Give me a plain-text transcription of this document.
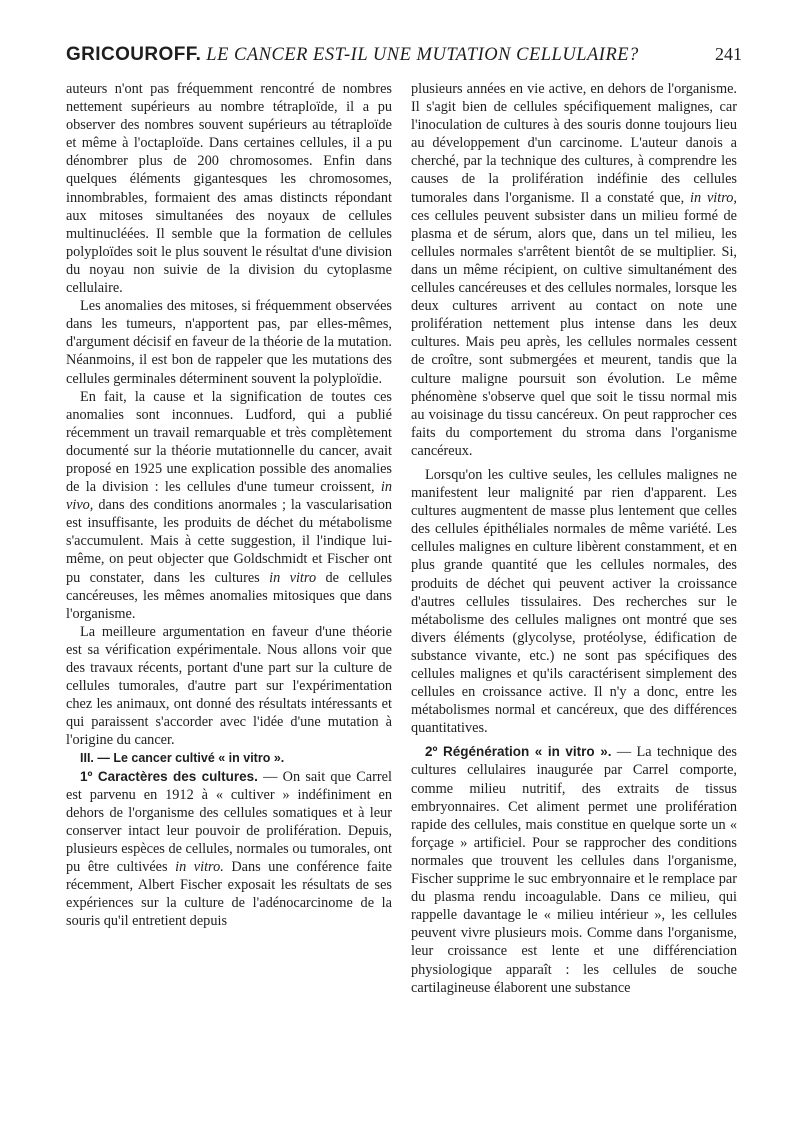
GRICOUROFF. LE CANCER EST-IL UNE MUTATION CELLULAIRE?	241

auteurs n'ont pas fréquemment rencontré de nombres nettement supérieurs au nombre tétraploïde, il a pu observer des nombres souvent supérieurs au tétraploïde et même à l'octaploïde. Dans certaines cellules, il a pu dénombrer plus de 200 chromosomes. Enfin dans quelques éléments gigantesques les chromosomes, innombrables, formaient des amas distincts répondant aux mitoses simultanées des noyaux de cellules multinucléées. Il semble que la formation de cellules polyploïdes soit le plus souvent le résultat d'une division du noyau non suivie de la division du cytoplasme cellulaire.

Les anomalies des mitoses, si fréquemment observées dans les tumeurs, n'apportent pas, par elles-mêmes, d'argument décisif en faveur de la théorie de la mutation. Néanmoins, il est bon de rappeler que les mutations des cellules germinales déterminent souvent la polyploïdie.

En fait, la cause et la signification de toutes ces anomalies sont inconnues. Ludford, qui a publié récemment un travail remarquable et très complètement documenté sur la théorie mutationnelle du cancer, avait proposé en 1925 une explication possible des anomalies de la division : les cellules d'une tumeur croissent, in vivo, dans des conditions anormales ; la vascularisation est insuffisante, les produits de déchet du métabolisme s'accumulent. Mais à cette suggestion, il l'indique lui-même, on peut objecter que Goldschmidt et Fischer ont pu constater, dans les cultures in vitro de cellules cancéreuses, les mêmes anomalies mitosiques que dans l'organisme.

La meilleure argumentation en faveur d'une théorie est sa vérification expérimentale. Nous allons voir que des travaux récents, portant d'une part sur la culture de cellules tumorales, d'autre part sur l'expérimentation chez les animaux, ont donné des résultats intéressants et qui paraissent s'accorder avec l'idée d'une mutation à l'origine du cancer.

III. — Le cancer cultivé « in vitro ».

1º Caractères des cultures. — On sait que Carrel est parvenu en 1912 à « cultiver » indéfiniment en dehors de l'organisme des cellules somatiques et à leur conserver intact leur pouvoir de prolifération. Depuis, plusieurs espèces de cellules, normales ou tumorales, ont pu être cultivées in vitro. Dans une conférence faite récemment, Albert Fischer exposait les résultats de ses expériences sur la culture de l'adénocarcinome de la souris qu'il entretient depuis

plusieurs années en vie active, en dehors de l'organisme. Il s'agit bien de cellules spécifiquement malignes, car l'inoculation de cultures à des souris donne toujours lieu au développement d'un carcinome. L'auteur danois a cherché, par la technique des cultures, à comprendre les causes de la prolifération indéfinie des cellules tumorales dans l'organisme. Il a constaté que, in vitro, ces cellules peuvent subsister dans un milieu formé de plasma et de sérum, alors que, dans un tel milieu, les cellules normales s'arrêtent bientôt de se multiplier. Si, dans un même récipient, on cultive simultanément des cellules cancéreuses et des cellules normales, lorsque les deux cultures arrivent au contact on note une prolifération nettement plus intense dans les deux cultures. Mais peu après, les cellules normales cessent de croître, sont submergées et meurent, tandis que la culture maligne poursuit son évolution. Le même phénomène s'observe quel que soit le tissu normal mis au voisinage du tissu cancéreux. On peut rapprocher ces faits du comportement du stroma dans l'organisme cancéreux.

Lorsqu'on les cultive seules, les cellules malignes ne manifestent leur malignité par rien d'apparent. Les cultures augmentent de masse plus lentement que celles des cellules épithéliales normales de même variété. Les cellules malignes en culture libèrent constamment, et en plus grande quantité que les cellules normales, des produits de déchet qui peuvent activer la croissance d'autres cellules tissulaires. Des recherches sur le métabolisme des cellules malignes ont montré que ses divers éléments (glycolyse, protéolyse, édification de substance vivante, etc.) ne sont pas spécifiques des cellules malignes et qu'ils caractérisent simplement des cellules en croissance active. Il n'y a donc, entre les métabolismes normal et cancéreux, que des différences quantitatives.

2º Régénération « in vitro ». — La technique des cultures cellulaires inaugurée par Carrel comporte, comme milieu nutritif, des extraits de tissus embryonnaires. Cet aliment permet une prolifération rapide des cellules, mais constitue en quelque sorte un « forçage » artificiel. Pour se rapprocher des conditions normales que trouvent les cellules dans l'organisme, Fischer supprime le suc embryonnaire et le remplace par du plasma rendu incoagulable. Dans ce milieu, qui rappelle davantage le « milieu intérieur », les cellules peuvent vivre plusieurs mois. Comme dans l'organisme, leur croissance est lente et une différenciation physiologique apparaît : les cellules de souche cartilagineuse élaborent une substance
